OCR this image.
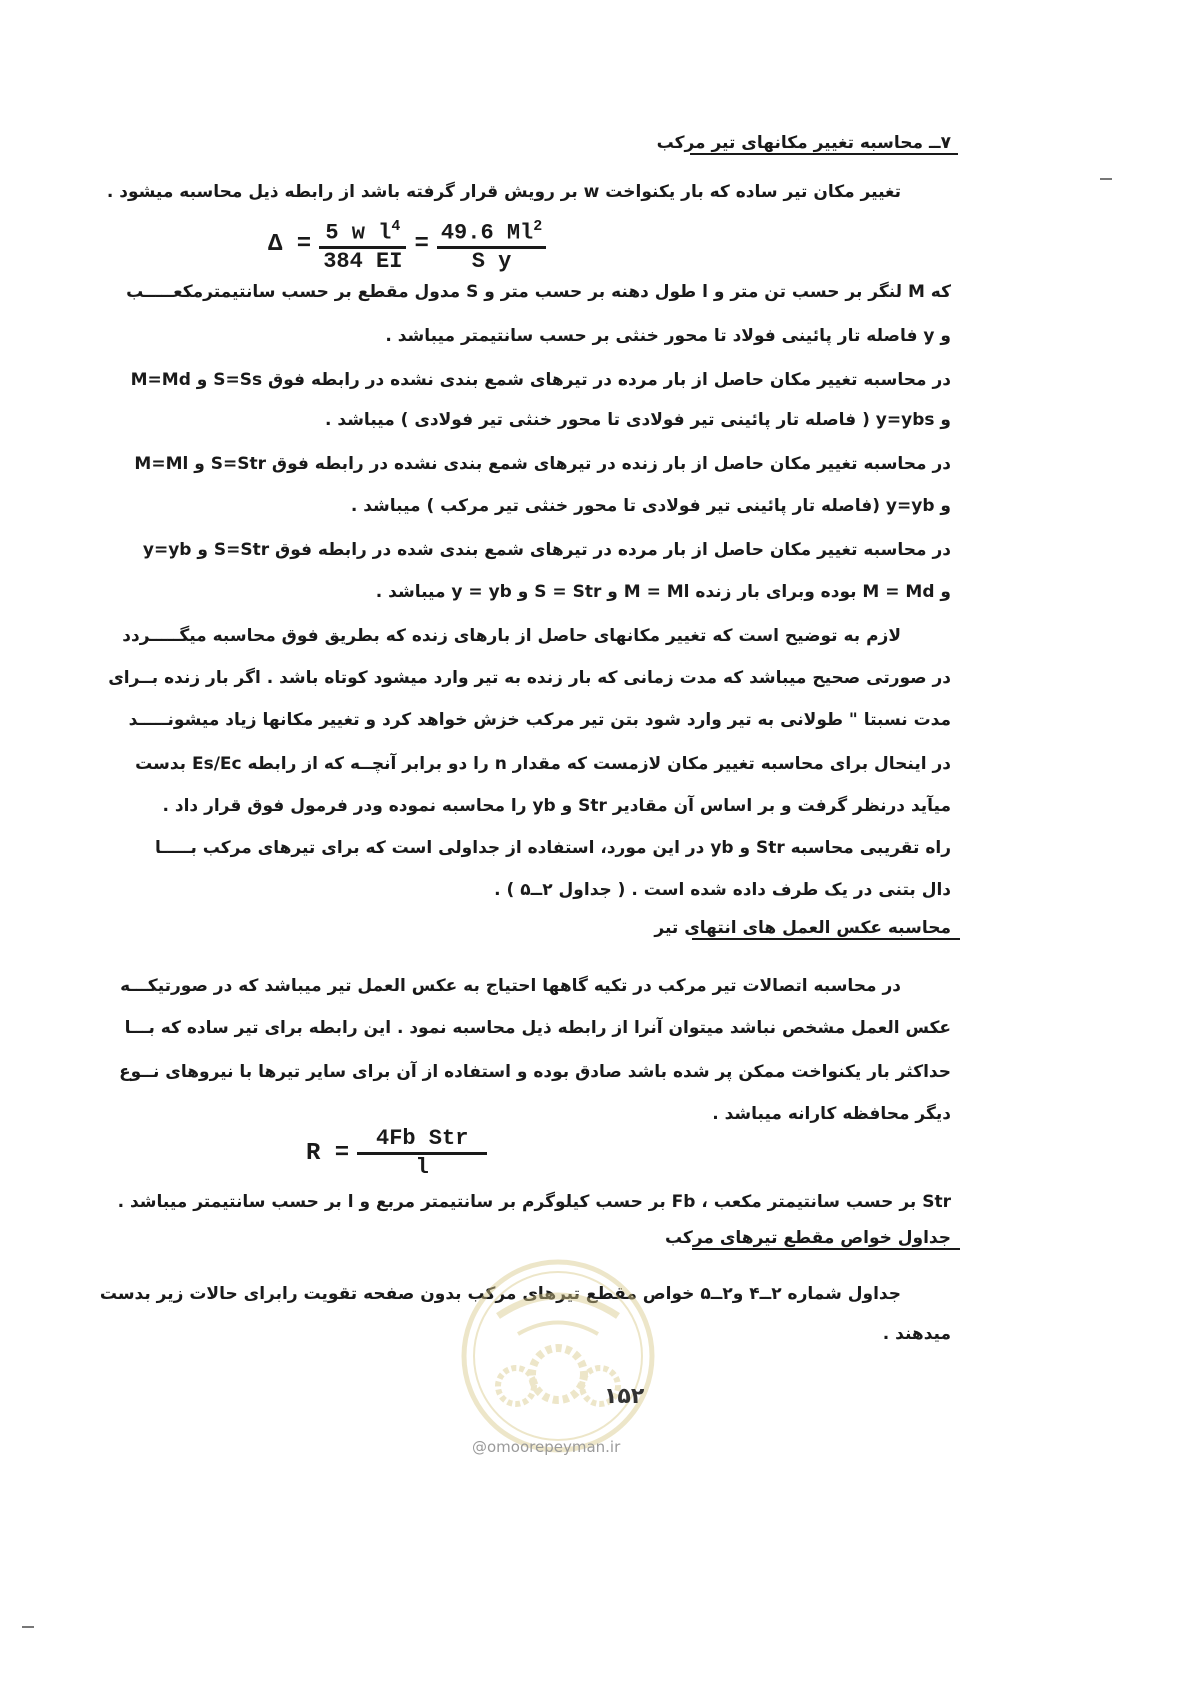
۷ــ محاسبه تغییر مکانهای تیر مرکب
تغییر مکان تیر ساده که بار یکنواخت w بر رویش قرار گرفته باشد از رابطه ذیل محاسبه میشود .
$\Delta = \frac{5 w l^4}{384 EI} = \frac{49.6 Ml^2}{\text{S y}}$
که M لنگر بر حسب تن متر و l طول دهنه بر حسب متر و S مدول مقطع بر حسب سانتیمترمکعـــــب
و y فاصله تار پائینی فولاد تا محور خنثی بر حسب سانتیمتر میباشد .
در محاسبه تغییر مکان حاصل از بار مرده در تیرهای شمع بندی نشده در رابطه فوق S=Ss و M=Md
و y=ybs ( فاصله تار پائینی تیر فولادی تا محور خنثی تیر فولادی ) میباشد .
در محاسبه تغییر مکان حاصل از بار زنده در تیرهای شمع بندی نشده در رابطه فوق S=Str و M=Ml
و y=yb (فاصله تار پائینی تیر فولادی تا محور خنثی تیر مرکب ) میباشد .
در محاسبه تغییر مکان حاصل از بار مرده در تیرهای شمع بندی شده در رابطه فوق S=Str و y=yb
و M = Md بوده وبرای بار زنده M = Ml و S = Str و y = yb میباشد .
لازم به توضیح است که تغییر مکانهای حاصل از بارهای زنده که بطریق فوق محاسبه میگـــــردد
در صورتی صحیح میباشد که مدت زمانی که بار زنده به تیر وارد میشود کوتاه باشد . اگر بار زنده بــرای
مدت نسبتا " طولانی به تیر وارد شود بتن تیر مرکب خزش خواهد کرد و تغییر مکانها زیاد میشونـــــد
در اینحال برای محاسبه تغییر مکان لازمست که مقدار n را دو برابر آنچــه که از رابطه Es/Ec بدست
میآید درنظر گرفت و بر اساس آن مقادیر Str و yb را محاسبه نموده ودر فرمول فوق قرار داد .
راه تقریبی محاسبه Str و yb در این مورد، استفاده از جداولی است که برای تیرهای مرکب بـــــا
دال بتنی در یک طرف داده شده است . ( جداول ۲ــ۵ ) .
محاسبه عکس العمل های انتهای تیر
در محاسبه اتصالات تیر مرکب در تکیه گاهها احتیاج به عکس العمل تیر میباشد که در صورتیکـــه
عکس العمل مشخص نباشد میتوان آنرا از رابطه ذیل محاسبه نمود . این رابطه برای تیر ساده که بـــا
حداکثر بار یکنواخت ممکن پر شده باشد صادق بوده و استفاده از آن برای سایر تیرها با نیروهای نــوع
دیگر محافظه کارانه میباشد .
$R = \frac{\text{4Fb Str}}{l}$
Str بر حسب سانتیمتر مکعب ، Fb بر حسب کیلوگرم بر سانتیمتر مربع و l بر حسب سانتیمتر میباشد .
جداول خواص مقطع تیرهای مرکب
جداول شماره ۲ــ۴ و۲ــ۵ خواص مقطع تیرهای مرکب بدون صفحه تقویت رابرای حالات زیر بدست
میدهند .
۱۵۲
@omoorepeyman.ir
